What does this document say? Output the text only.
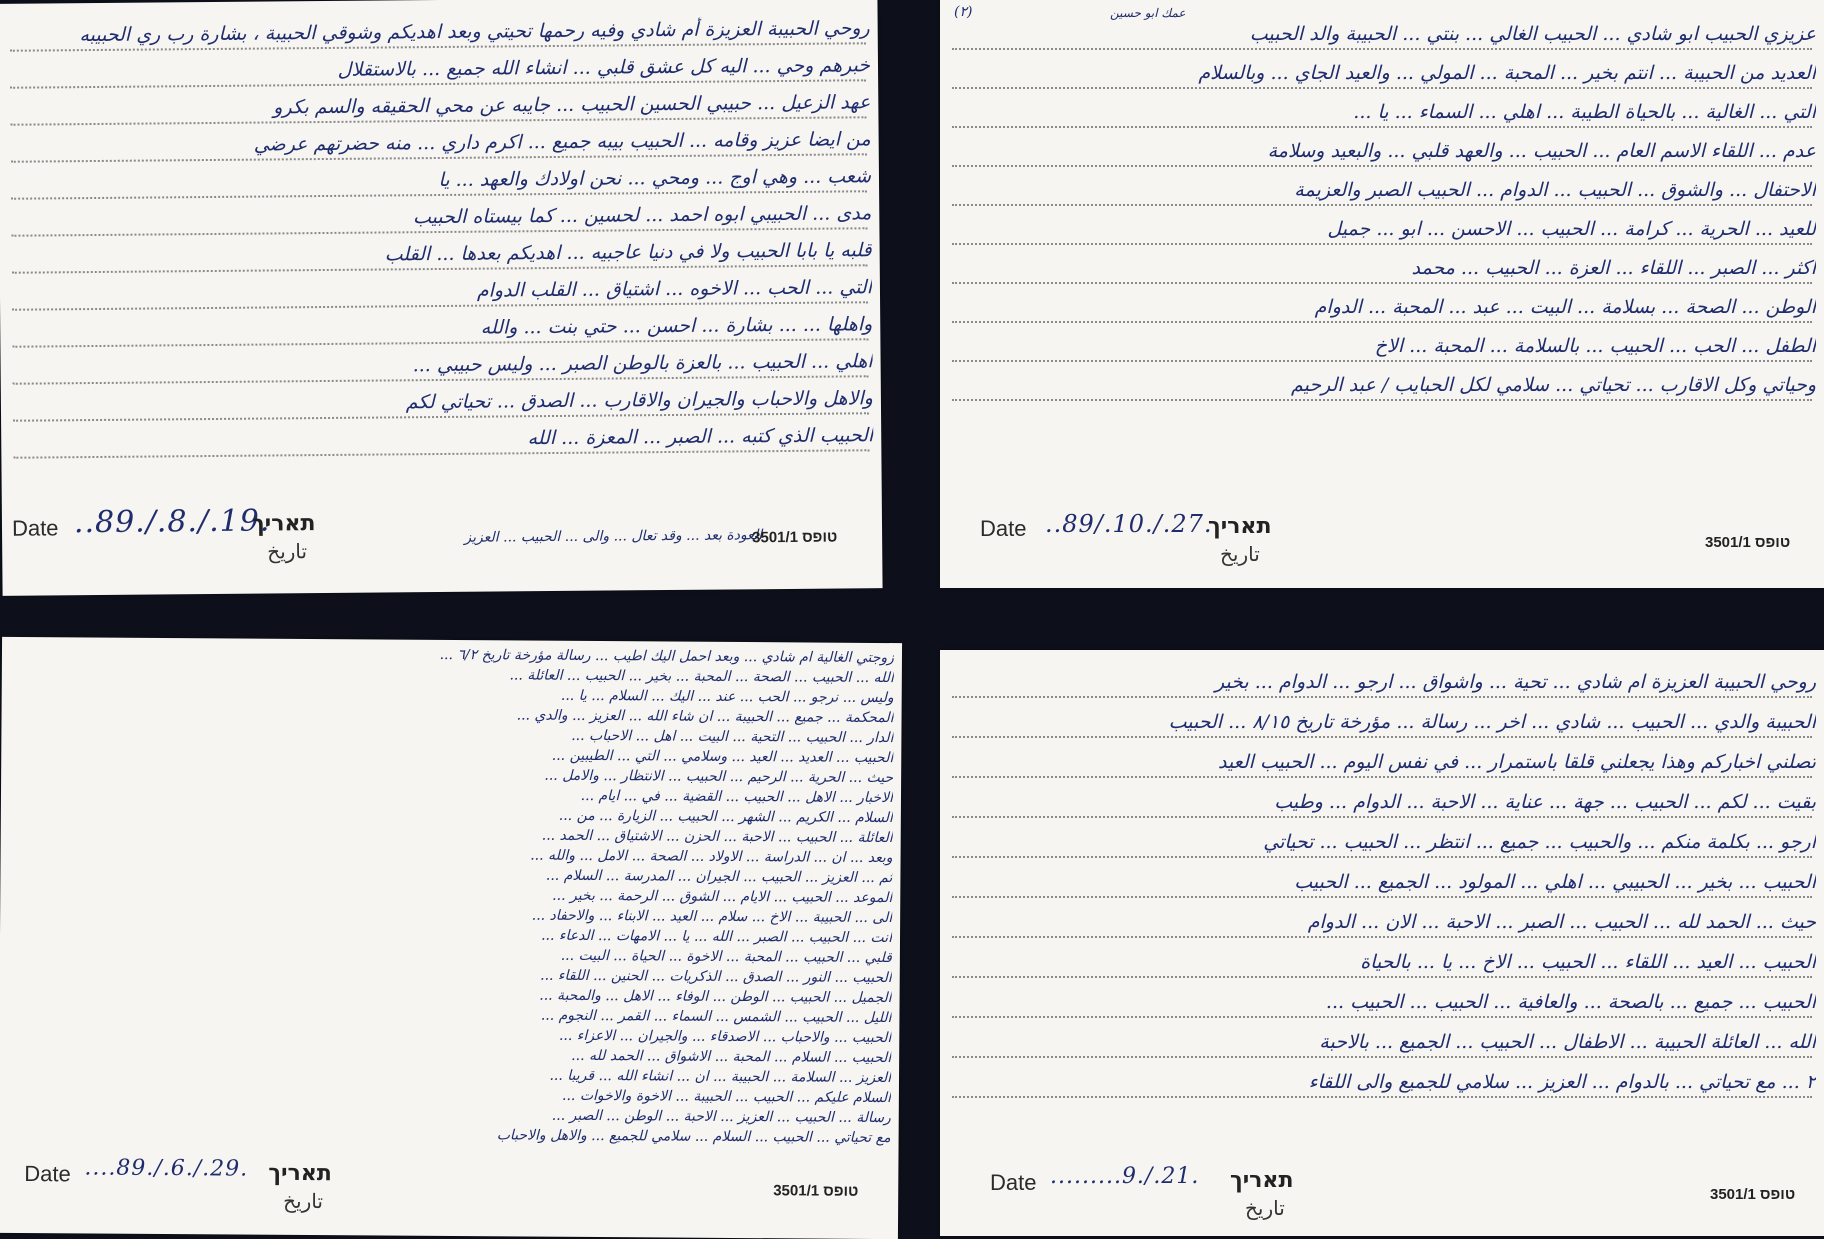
روحي الحبيبة العزيزة أم شادي وفيه رحمها تحيتي وبعد اهديكم وشوقي الحبيبة ، بشارة رب ري الحبيبه
خبرهم وحي ... اليه كل عشق قلبي ... انشاء الله جميع ... بالاستقلال
عهد الزعيل ... حبيبي الحسين الحبيب ... جايبه عن محي الحقيقه والسم بكرو
من ايضا عزيز وقامه ... الحبيب بيبه جميع ... اكرم داري ... منه حضرتهم عرضي
شعب ... وهي اوج ... ومحي ... نحن اولادك والعهد ... يا
مدى ... الحبيبي ابوه احمد ... لحسين ... كما بيستاه الحبيب
قلبه يا بابا الحبيب ولا في دنيا عاجبيه ... اهديكم بعدها ... القلب
التي ... الحب ... الاخوه ... اشتياق ... القلب الدوام
واهلها ... ... بشارة ... احسن ... حتي بنت ... والله
اهلي ... الحبيب ... بالعزة بالوطن الصبر ... وليس حبيبي ...
والاهل والاحباب والجيران والاقارب ... الصدق ... تحياتي لكم
الحبيب الذي كتبه ... الصبر ... المعزة ... الله
Date ..89./.8./.19.
תאריך
تاريخ
العودة بعد ... وقد تعال ... والى ... الحبيب ... العزيز
3501/1 טופס
(٢)	عمك ابو حسين
عزيزي الحبيب ابو شادي ... الحبيب الغالي ... بنتي ... الحبيبة والد الحبيب
العديد من الحبيبة ... انتم بخير ... المحبة ... المولي ... والعيد الجاي ... وبالسلام
التي ... الغالية ... بالحياة الطيبة ... اهلي ... السماء ... يا ...
عدم ... اللقاء الاسم العام ... الحبيب ... والعهد قلبي ... والبعيد وسلامة
الاحتفال ... والشوق ... الحبيب ... الدوام ... الحبيب الصبر والعزيمة
للعيد ... الحرية ... كرامة ... الحبيب ... الاحسن ... ابو ... جميل
اكثر ... الصبر ... اللقاء ... العزة ... الحبيب ... محمد
الوطن ... الصحة ... بسلامة ... البيت ... عبد ... المحبة ... الدوام
الطفل ... الحب ... الحبيب ... بالسلامة ... المحبة ... الاخ
وحياتي وكل الاقارب ... تحياتي ... سلامي لكل الحبايب / عبد الرحيم
Date ..89/.10./.27.
תאריך
تاريخ	3501/1 טופס
زوجتي الغالية ام شادي ... وبعد احمل اليك اطيب ... رسالة مؤرخة تاريخ ٦/٢ ...
الله ... الحبيب ... الصحة ... المحبة ... بخير ... الحبيب ... العائلة ...
وليس ... نرجو ... الحب ... عند ... اليك ... السلام ... يا ...
المحكمة ... جميع ... الحبيبة ... ان شاء الله ... العزيز ... والدي ...
الدار ... الحبيب ... التحية ... البيت ... اهل ... الاحباب ...
الحبيب ... العديد ... العيد ... وسلامي ... التي ... الطيبين ...
حيث ... الحرية ... الرحيم ... الحبيب ... الانتظار ... والامل ...
الاخبار ... الاهل ... الحبيب ... القضية ... في ... ايام ...
السلام ... الكريم ... الشهر ... الحبيب ... الزيارة ... من ...
العائلة ... الحبيب ... الاحبة ... الحزن ... الاشتياق ... الحمد ...
وبعد ... ان ... الدراسة ... الاولاد ... الصحة ... الامل ... والله ...
ثم ... العزيز ... الحبيب ... الجيران ... المدرسة ... السلام ...
الموعد ... الحبيب ... الايام ... الشوق ... الرحمة ... بخير ...
الى ... الحبيبة ... الاخ ... سلام ... العيد ... الابناء ... والاحفاد ...
انت ... الحبيب ... الصبر ... الله ... يا ... الامهات ... الدعاء ...
قلبي ... الحبيب ... المحبة ... الاخوة ... الحياة ... البيت ...
الحبيب ... النور ... الصدق ... الذكريات ... الحنين ... اللقاء ...
الجميل ... الحبيب ... الوطن ... الوفاء ... الاهل ... والمحبة ...
الليل ... الحبيب ... الشمس ... السماء ... القمر ... النجوم ...
الحبيب ... والاحباب ... الاصدقاء ... والجيران ... الاعزاء ...
الحبيب ... السلام ... المحبة ... الاشواق ... الحمد لله ...
العزيز ... السلامة ... الحبيبة ... ان ... انشاء الله ... قريبا ...
السلام عليكم ... الحبيب ... الحبيبة ... الاخوة والاخوات ...
رسالة ... الحبيب ... العزيز ... الاحبة ... الوطن ... الصبر ...
مع تحياتي ... الحبيب ... السلام ... سلامي للجميع ... والاهل والاحباب
Date ....89./.6./.29. תאריך
تاريخ	3501/1 טופס
روحي الحبيبة العزيزة ام شادي ... تحية ... واشواق ... ارجو ... الدوام ... بخير
الحبيبة والدي ... الحبيب ... شادي ... اخر ... رسالة ... مؤرخة تاريخ ٨/١٥ ... الحبيب
تصلني اخباركم وهذا يجعلني قلقا باستمرار ... في نفس اليوم ... الحبيب العيد
بقيت ... لكم ... الحبيب ... جهة ... عناية ... الاحبة ... الدوام ... وطيب
ارجو ... بكلمة منكم ... والحبيب ... جميع ... انتظر ... الحبيب ... تحياتي
الحبيب ... بخير ... الحبيبي ... اهلي ... المولود ... الجميع ... الحبيب
حيث ... الحمد لله ... الحبيب ... الصبر ... الاحبة ... الان ... الدوام
الحبيب ... العيد ... اللقاء ... الحبيب ... الاخ ... يا ... بالحياة
الحبيب ... جميع ... بالصحة ... والعافية ... الحبيب ... الحبيب ...
الله ... العائلة الحبيبة ... الاطفال ... الحبيب ... الجميع ... بالاحبة
٢ ... مع تحياتي ... بالدوام ... العزيز ... سلامي للجميع والى اللقاء
Date .........9./.21. תאריך
تاريخ
3501/1 טופס
